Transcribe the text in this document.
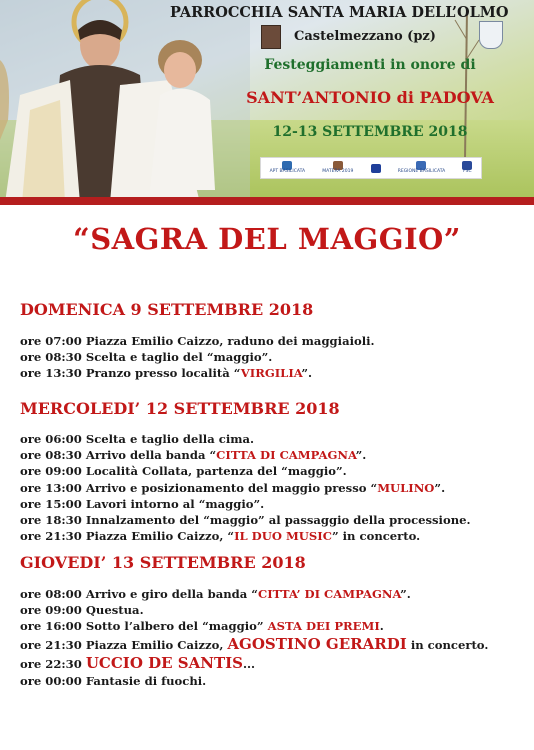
PARROCCHIA SANTA MARIA DELL’OLMO
Castelmezzano (pz)
Festeggiamenti in onore di
SANT’ANTONIO di PADOVA
12-13 SETTEMBRE 2018
APT BASILICATA	MATERA 2019	REGIONE BASILICATA	FSC
“SAGRA DEL MAGGIO”
DOMENICA 9 SETTEMBRE 2018
ore 07:00 Piazza Emilio Caizzo, raduno dei maggiaioli.
ore 08:30 Scelta e taglio del “maggio”.
ore 13:30 Pranzo presso località “VIRGILIA”.
MERCOLEDI’ 12 SETTEMBRE 2018
ore 06:00 Scelta e taglio della cima.
ore 08:30 Arrivo della banda “CITTA DI CAMPAGNA”.
ore 09:00 Località Collata, partenza del “maggio”.
ore 13:00 Arrivo e posizionamento del maggio presso “MULINO”.
ore 15:00 Lavori intorno al “maggio”.
ore 18:30 Innalzamento del “maggio” al passaggio della processione.
ore 21:30 Piazza Emilio Caizzo, “IL DUO MUSIC” in concerto.
GIOVEDI’ 13 SETTEMBRE 2018
ore 08:00 Arrivo e giro della banda “CITTA’ DI CAMPAGNA”.
ore 09:00 Questua.
ore 16:00 Sotto l’albero del “maggio” ASTA DEI PREMI.
ore 21:30 Piazza Emilio Caizzo, AGOSTINO GERARDI in concerto.
ore 22:30 UCCIO DE SANTIS...
ore 00:00 Fantasie di fuochi.
